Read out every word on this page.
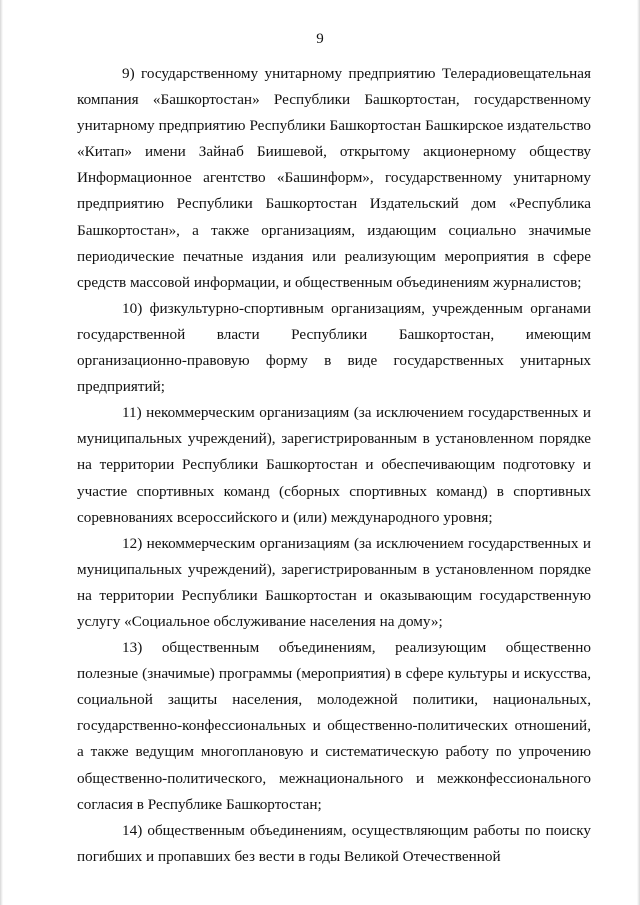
9

9) государственному унитарному предприятию Телерадиовещательная компания «Башкортостан» Республики Башкортостан, государственному унитарному предприятию Республики Башкортостан Башкирское издательство «Китап» имени Зайнаб Биишевой, открытому акционерному обществу Информационное агентство «Башинформ», государственному унитарному предприятию Республики Башкортостан Издательский дом «Республика Башкортостан», а также организациям, издающим социально значимые периодические печатные издания или реализующим мероприятия в сфере средств массовой информации, и общественным объединениям журналистов;

10) физкультурно-спортивным организациям, учрежденным органами государственной власти Республики Башкортостан, имеющим организационно-правовую форму в виде государственных унитарных предприятий;

11) некоммерческим организациям (за исключением государственных и муниципальных учреждений), зарегистрированным в установленном порядке на территории Республики Башкортостан и обеспечивающим подготовку и участие спортивных команд (сборных спортивных команд) в спортивных соревнованиях всероссийского и (или) международного уровня;

12) некоммерческим организациям (за исключением государственных и муниципальных учреждений), зарегистрированным в установленном порядке на территории Республики Башкортостан и оказывающим государственную услугу «Социальное обслуживание населения на дому»;

13) общественным объединениям, реализующим общественно полезные (значимые) программы (мероприятия) в сфере культуры и искусства, социальной защиты населения, молодежной политики, национальных, государственно-конфессиональных и общественно-политических отношений, а также ведущим многоплановую и систематическую работу по упрочению общественно-политического, межнационального и межконфессионального согласия в Республике Башкортостан;

14) общественным объединениям, осуществляющим работы по поиску погибших и пропавших без вести в годы Великой Отечественной
